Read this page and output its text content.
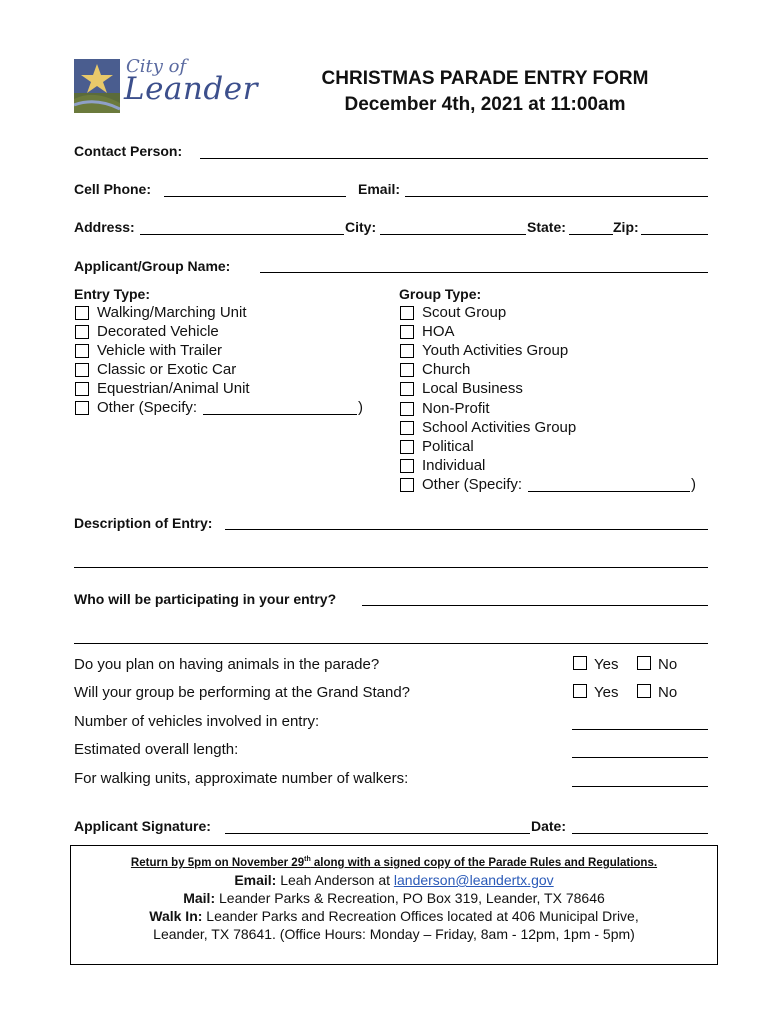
City of
Leander	CHRISTMAS PARADE ENTRY FORM
December 4th, 2021 at 11:00am
Contact Person:
Cell Phone:	Email:
Address:	City:	State:	Zip:
Applicant/Group Name:
Entry Type:
Walking/Marching Unit
Decorated Vehicle
Vehicle with Trailer
Classic or Exotic Car
Equestrian/Animal Unit
Other (Specify:	)
Group Type:
Scout Group
HOA
Youth Activities Group
Church
Local Business
Non-Profit
School Activities Group
Political
Individual
Other (Specify:	)
Description of Entry:
Who will be participating in your entry?
Do you plan on having animals in the parade?	Yes	No
Will your group be performing at the Grand Stand?	Yes	No
Number of vehicles involved in entry:
Estimated overall length:
For walking units, approximate number of walkers:
Applicant Signature:	Date:
Return by 5pm on November 29th along with a signed copy of the Parade Rules and Regulations.
Email: Leah Anderson at landerson@leandertx.gov
Mail: Leander Parks & Recreation, PO Box 319, Leander, TX 78646
Walk In: Leander Parks and Recreation Offices located at 406 Municipal Drive,
Leander, TX 78641. (Office Hours: Monday – Friday, 8am - 12pm, 1pm - 5pm)
